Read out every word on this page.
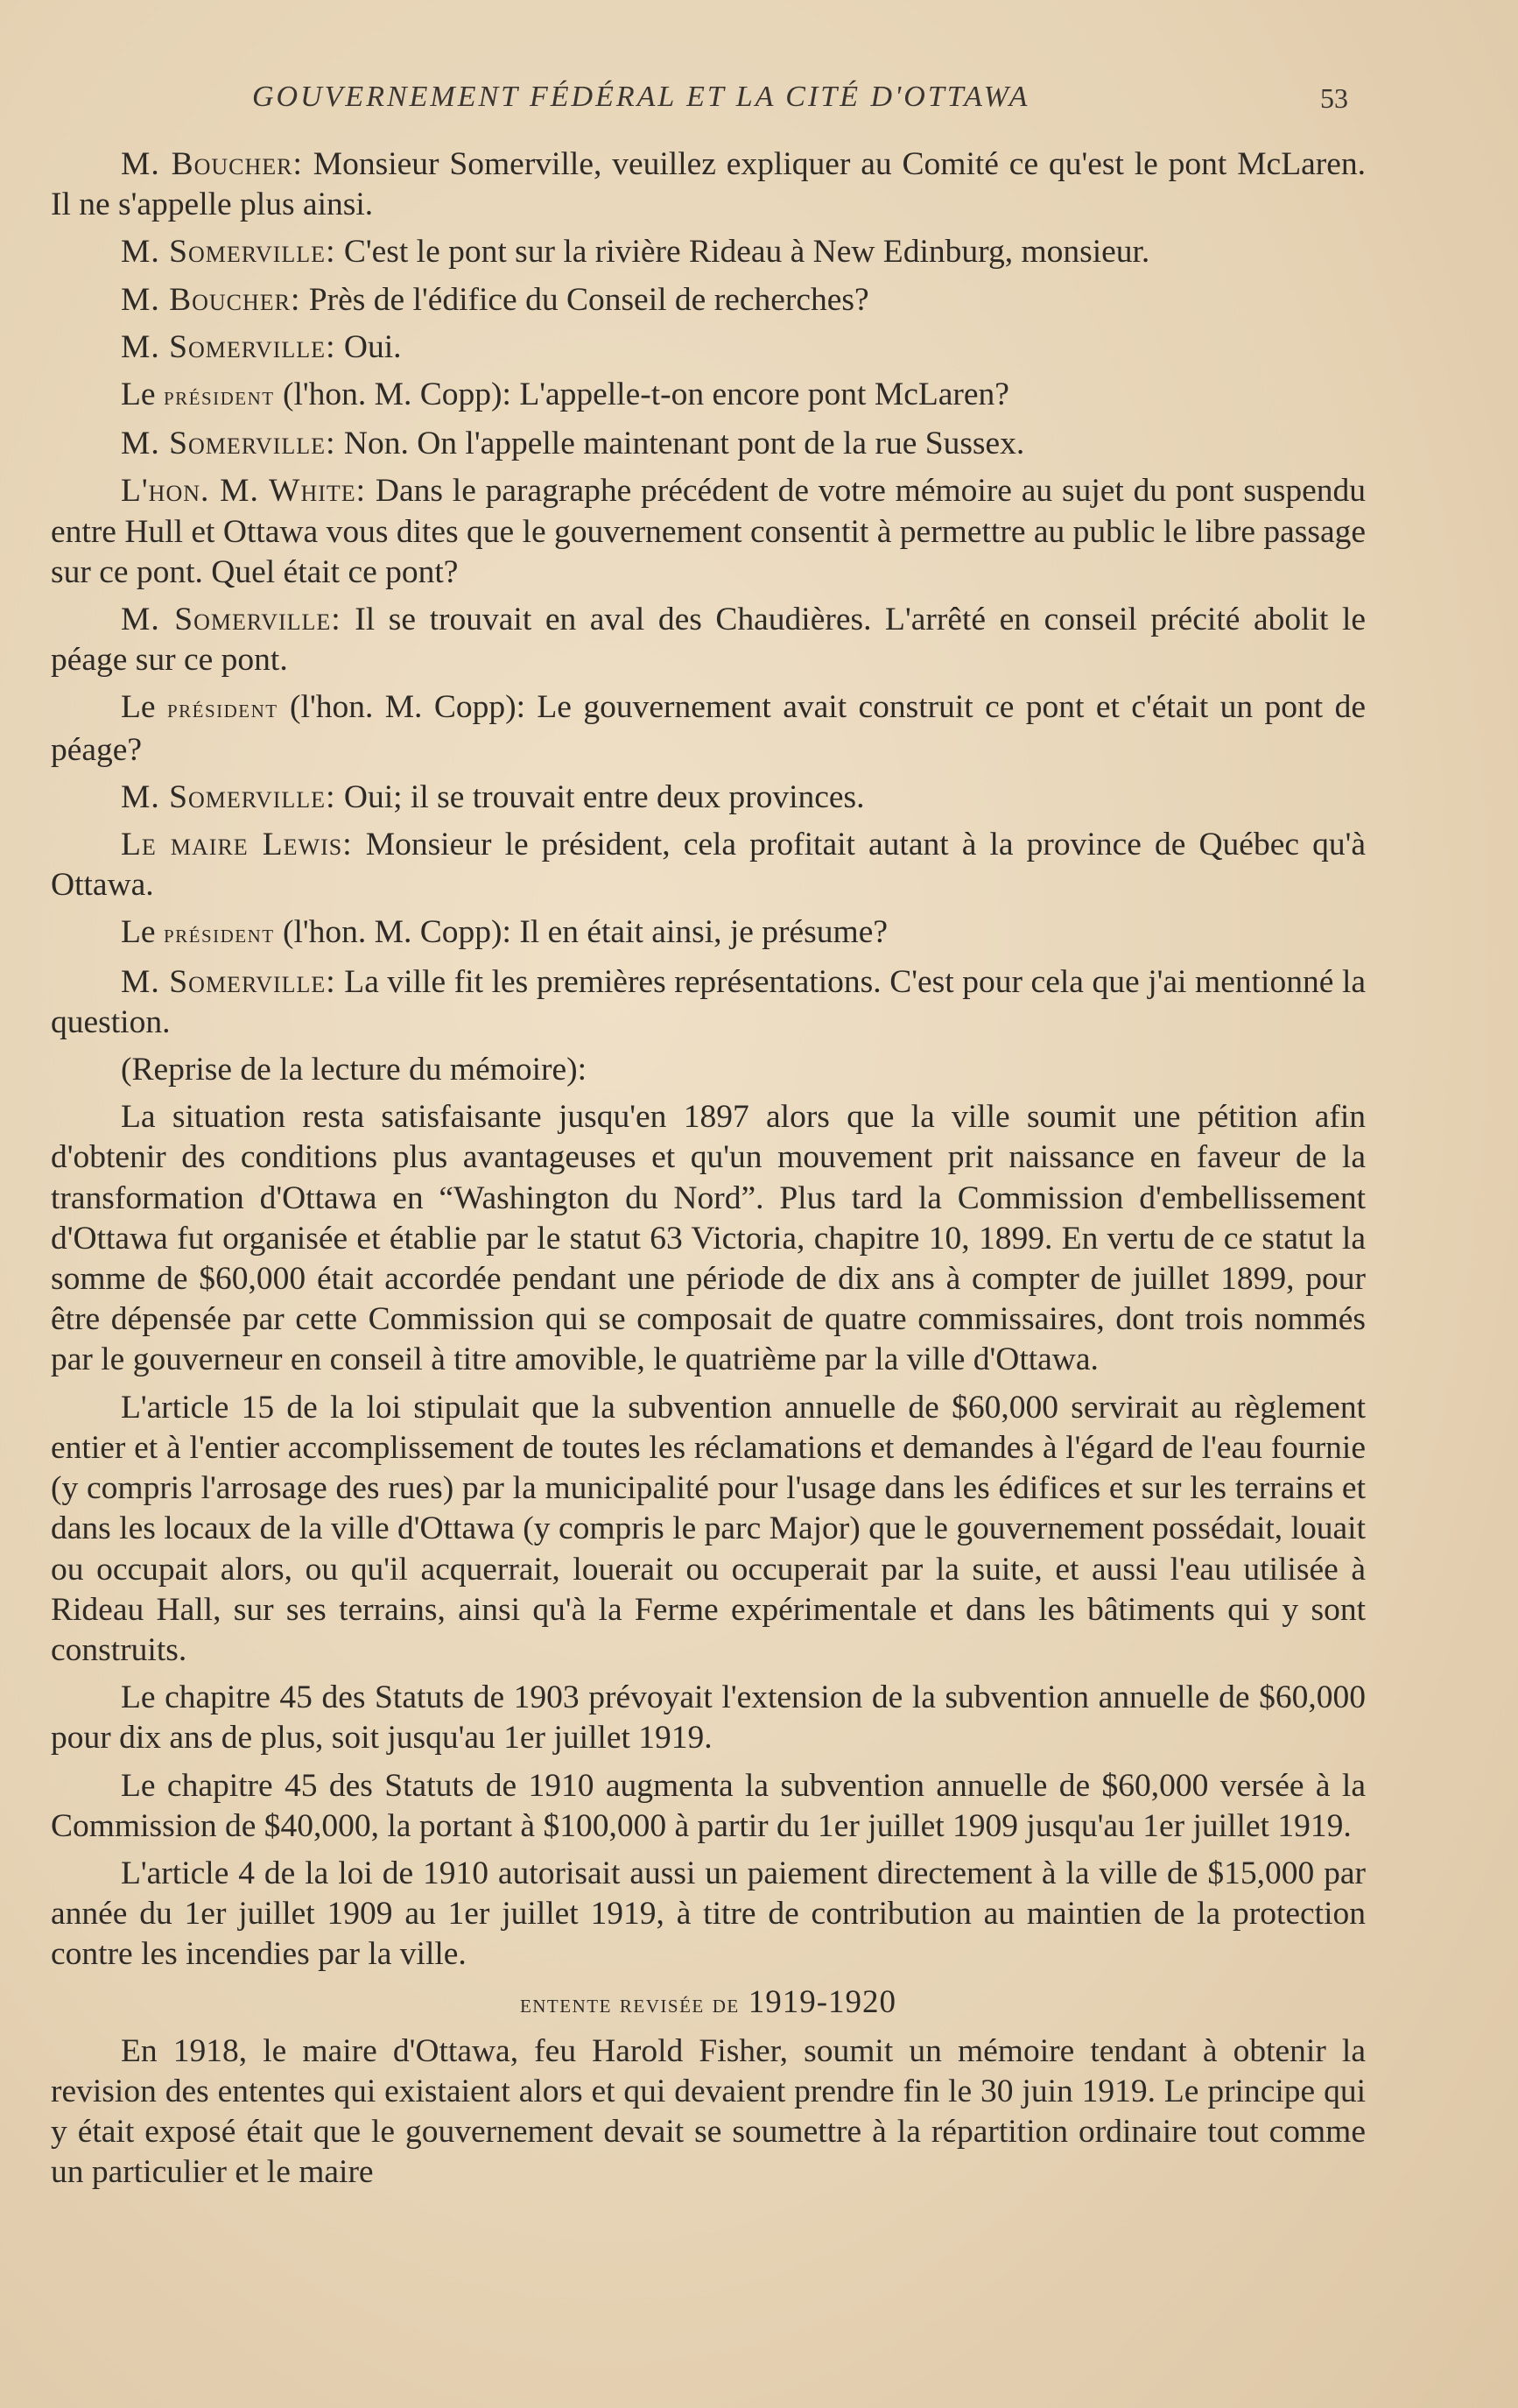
GOUVERNEMENT FÉDÉRAL ET LA CITÉ D'OTTAWA	53

M. Boucher: Monsieur Somerville, veuillez expliquer au Comité ce qu'est le pont McLaren. Il ne s'appelle plus ainsi.

M. Somerville: C'est le pont sur la rivière Rideau à New Edinburg, monsieur.

M. Boucher: Près de l'édifice du Conseil de recherches?

M. Somerville: Oui.

Le président (l'hon. M. Copp): L'appelle-t-on encore pont McLaren?

M. Somerville: Non. On l'appelle maintenant pont de la rue Sussex.

L'hon. M. White: Dans le paragraphe précédent de votre mémoire au sujet du pont suspendu entre Hull et Ottawa vous dites que le gouvernement consentit à permettre au public le libre passage sur ce pont. Quel était ce pont?

M. Somerville: Il se trouvait en aval des Chaudières. L'arrêté en conseil précité abolit le péage sur ce pont.

Le président (l'hon. M. Copp): Le gouvernement avait construit ce pont et c'était un pont de péage?

M. Somerville: Oui; il se trouvait entre deux provinces.

Le maire Lewis: Monsieur le président, cela profitait autant à la province de Québec qu'à Ottawa.

Le président (l'hon. M. Copp): Il en était ainsi, je présume?

M. Somerville: La ville fit les premières représentations. C'est pour cela que j'ai mentionné la question.

(Reprise de la lecture du mémoire):

La situation resta satisfaisante jusqu'en 1897 alors que la ville soumit une pétition afin d'obtenir des conditions plus avantageuses et qu'un mouvement prit naissance en faveur de la transformation d'Ottawa en “Washington du Nord”. Plus tard la Commission d'embellissement d'Ottawa fut organisée et établie par le statut 63 Victoria, chapitre 10, 1899. En vertu de ce statut la somme de $60,000 était accordée pendant une période de dix ans à compter de juillet 1899, pour être dépensée par cette Commission qui se composait de quatre commissaires, dont trois nommés par le gouverneur en conseil à titre amovible, le quatrième par la ville d'Ottawa.

L'article 15 de la loi stipulait que la subvention annuelle de $60,000 servirait au règlement entier et à l'entier accomplissement de toutes les réclamations et demandes à l'égard de l'eau fournie (y compris l'arrosage des rues) par la municipalité pour l'usage dans les édifices et sur les terrains et dans les locaux de la ville d'Ottawa (y compris le parc Major) que le gouvernement possédait, louait ou occupait alors, ou qu'il acquerrait, louerait ou occuperait par la suite, et aussi l'eau utilisée à Rideau Hall, sur ses terrains, ainsi qu'à la Ferme expérimentale et dans les bâtiments qui y sont construits.

Le chapitre 45 des Statuts de 1903 prévoyait l'extension de la subvention annuelle de $60,000 pour dix ans de plus, soit jusqu'au 1er juillet 1919.

Le chapitre 45 des Statuts de 1910 augmenta la subvention annuelle de $60,000 versée à la Commission de $40,000, la portant à $100,000 à partir du 1er juillet 1909 jusqu'au 1er juillet 1919.

L'article 4 de la loi de 1910 autorisait aussi un paiement directement à la ville de $15,000 par année du 1er juillet 1909 au 1er juillet 1919, à titre de contribution au maintien de la protection contre les incendies par la ville.

entente revisée de 1919-1920

En 1918, le maire d'Ottawa, feu Harold Fisher, soumit un mémoire tendant à obtenir la revision des ententes qui existaient alors et qui devaient prendre fin le 30 juin 1919. Le principe qui y était exposé était que le gouvernement devait se soumettre à la répartition ordinaire tout comme un particulier et le maire
